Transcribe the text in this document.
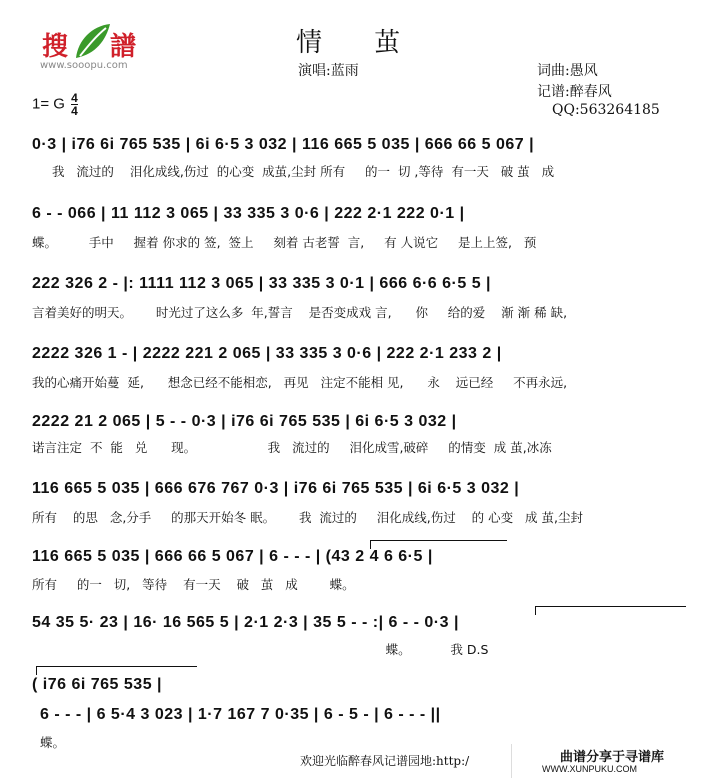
搜 譜
www.sooopu.com
情 茧
演唱:蓝雨	词曲:愚风
记谱:醉春风
QQ:563264185
1= G $\frac{4}{4}$
0·3 | i76 6i 765 535 | 6i 6·5 3 032 | 116 665 5 035 | 666 66 5 067 |
我   流过的    泪化成线,伤过  的心变  成茧,尘封 所有     的一  切 ,等待  有一天   破 茧   成
6 - - 066 | 11 112 3 065 | 33 335 3 0·6 | 222 2·1 222 0·1 |
蝶。        手中     握着 你求的 签,  签上     刻着 古老誓  言,     有 人说它     是上上签,   预
222 326 2 - |: 1111 112 3 065 | 33 335 3 0·1 | 666 6·6 6·5 5 |
言着美好的明天。      时光过了这么多  年,誓言    是否变成戏 言,      你     给的爱    渐 渐 稀 缺,
2222 326 1 - | 2222 221 2 065 | 33 335 3 0·6 | 222 2·1 233 2 |
我的心痛开始蔓  延,      想念已经不能相恋,   再见   注定不能相 见,      永    远已经     不再永远,
2222 21 2 065 | 5 - - 0·3 | i76 6i 765 535 | 6i 6·5 3 032 |
诺言注定  不  能   兑      现。                  我   流过的     泪化成雪,破碎     的情变  成 茧,冰冻
116 665 5 035 | 666 676 767 0·3 | i76 6i 765 535 | 6i 6·5 3 032 |
所有    的思   念,分手     的那天开始冬 眠。      我  流过的     泪化成线,伤过    的 心变   成 茧,尘封
116 665 5 035 | 666 66 5 067 | 6 - - - | (43 2 4 6 6·5 |
所有     的一   切,   等待    有一天    破   茧   成        蝶。
54 35 5· 23 | 16· 16 565 5 | 2·1 2·3 | 35 5 - - :| 6 - - 0·3 |
蝶。          我 D.S
( i76 6i 765 535 |
6 - - - | 6 5·4 3 023 | 1·7 167 7 0·35 | 6 - 5 - | 6 - - - ||
蝶。
欢迎光临醉春风记谱园地:http:/	曲谱分享于寻谱库
WWW.XUNPUKU.COM
